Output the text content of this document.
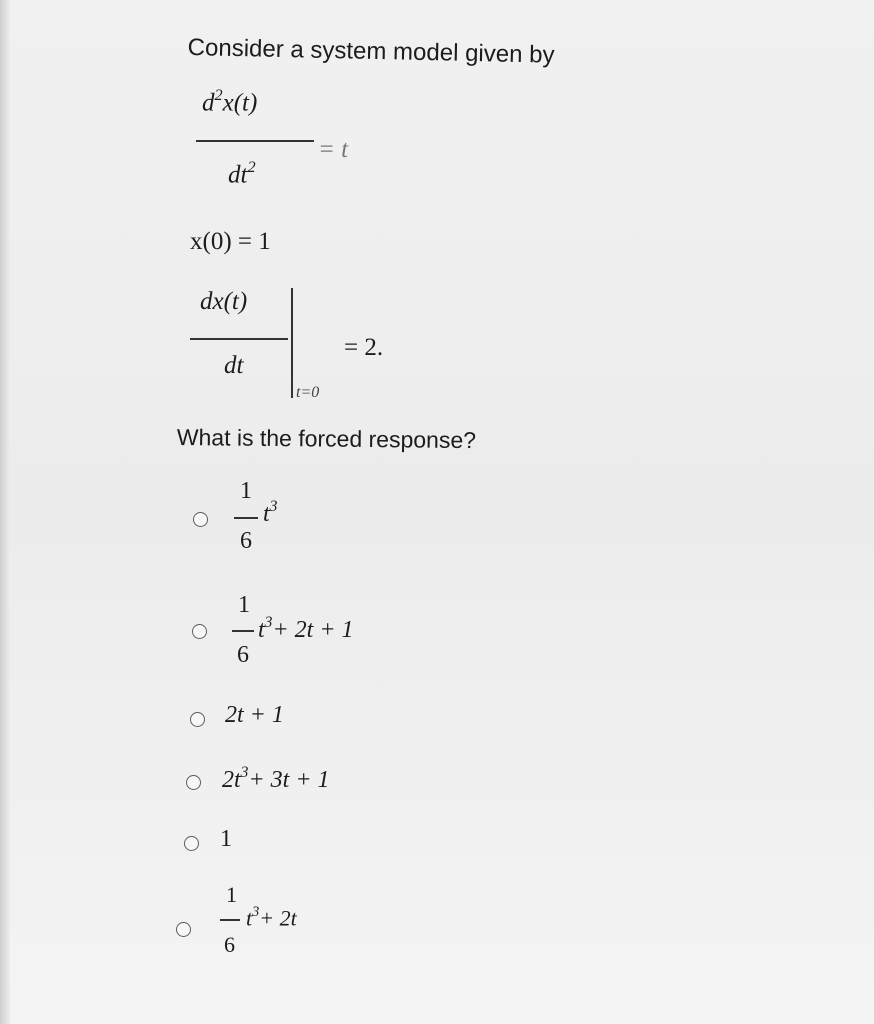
Consider a system model given by
$d^2x(t)$
$dt^2$
= t
x(0) = 1
dx(t)
dt
t=0
= 2.
What is the forced response?
1
6
$t^3$
1
6
$t^3+ 2t + 1$
2t + 1
$2t^3+ 3t + 1$
1
1
6
$t^3+ 2t$
